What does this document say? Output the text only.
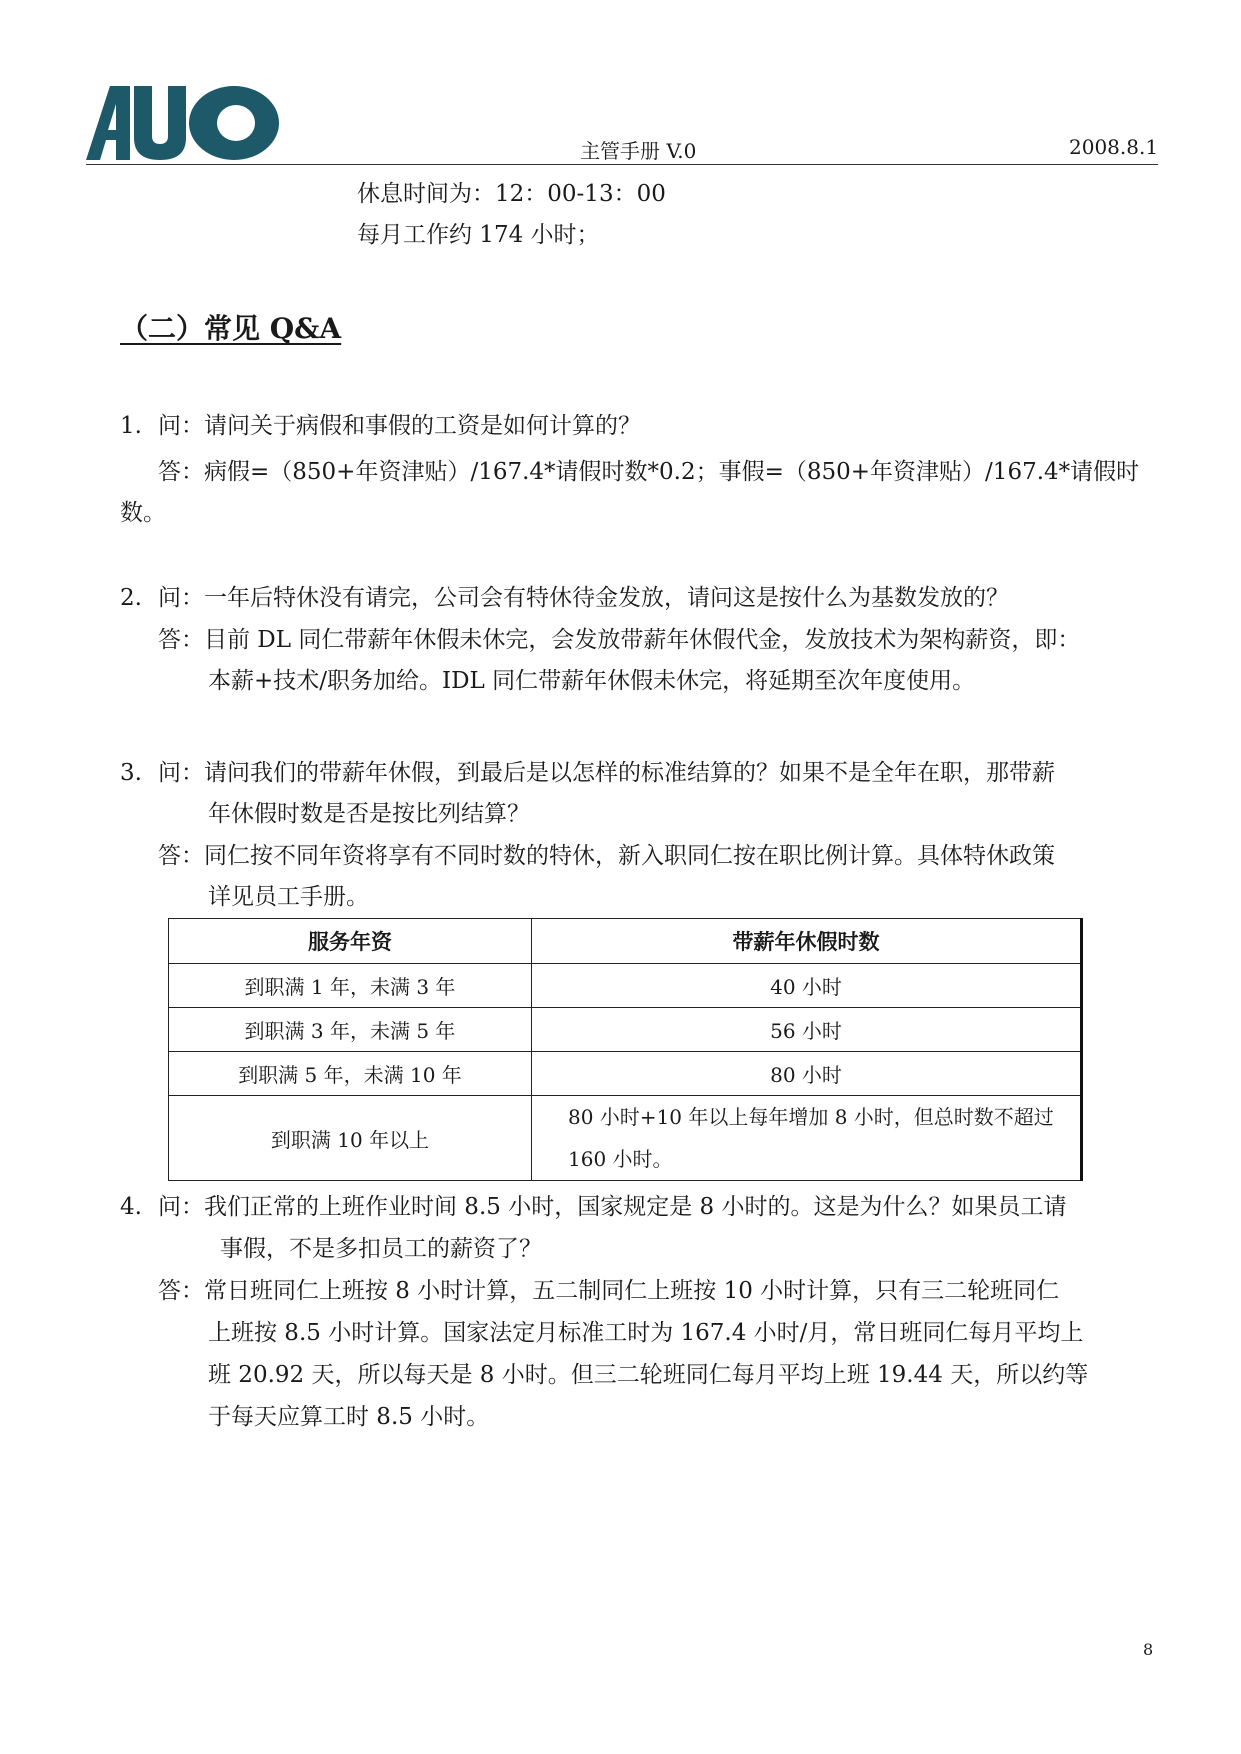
主管手册 V.0	2008.8.1
休息时间为：12：00-13：00
每月工作约 174 小时；
（二）常见 Q&A
1. 问：请问关于病假和事假的工资是如何计算的？
答：病假=（850+年资津贴）/167.4*请假时数*0.2；事假=（850+年资津贴）/167.4*请假时
数。
2. 问：一年后特休没有请完，公司会有特休待金发放，请问这是按什么为基数发放的？
答：目前 DL 同仁带薪年休假未休完，会发放带薪年休假代金，发放技术为架构薪资，即：
本薪+技术/职务加给。IDL 同仁带薪年休假未休完，将延期至次年度使用。
3. 问：请问我们的带薪年休假，到最后是以怎样的标准结算的？如果不是全年在职，那带薪
年休假时数是否是按比列结算？
答：同仁按不同年资将享有不同时数的特休，新入职同仁按在职比例计算。具体特休政策
详见员工手册。
服务年资	带薪年休假时数
到职满 1 年，未满 3 年	40 小时
到职满 3 年，未满 5 年	56 小时
到职满 5 年，未满 10 年	80 小时
到职满 10 年以上	80 小时+10 年以上每年增加 8 小时，但总时数不超过
160 小时。
4. 问：我们正常的上班作业时间 8.5 小时，国家规定是 8 小时的。这是为什么？如果员工请
事假，不是多扣员工的薪资了？
答：常日班同仁上班按 8 小时计算，五二制同仁上班按 10 小时计算，只有三二轮班同仁
上班按 8.5 小时计算。国家法定月标准工时为 167.4 小时/月，常日班同仁每月平均上
班 20.92 天，所以每天是 8 小时。但三二轮班同仁每月平均上班 19.44 天，所以约等
于每天应算工时 8.5 小时。
8
